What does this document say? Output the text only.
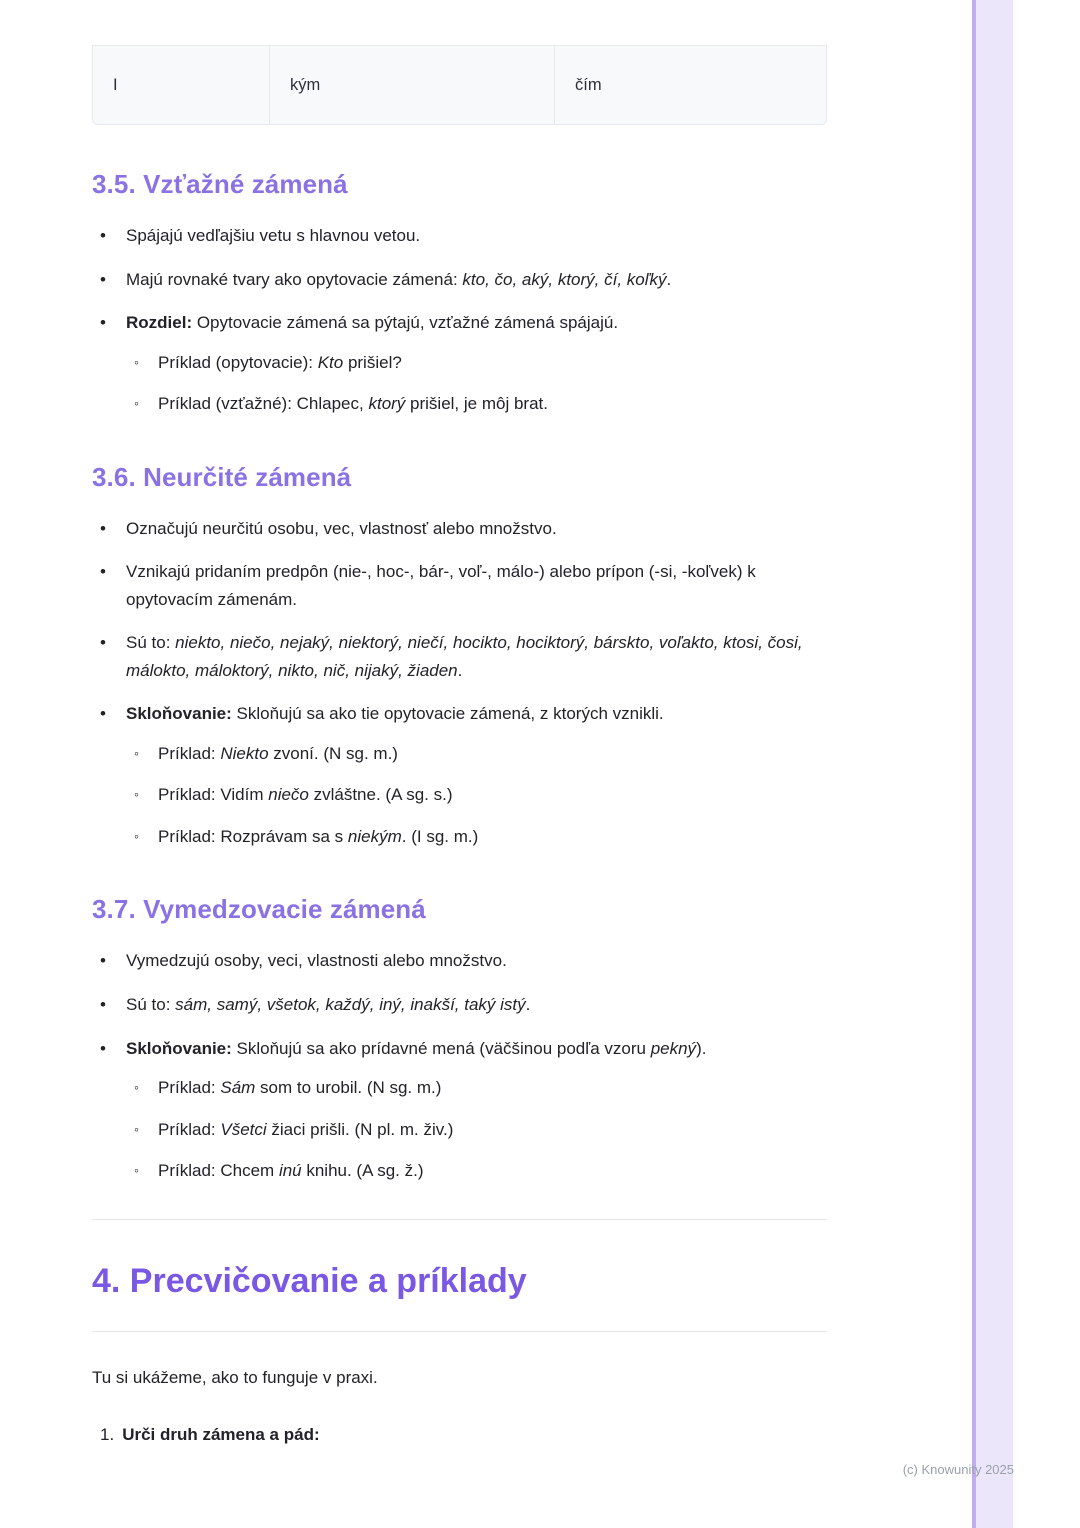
I	kým	čím
3.5. Vzťažné zámená
•	Spájajú vedľajšiu vetu s hlavnou vetou.
•	Majú rovnaké tvary ako opytovacie zámená: kto, čo, aký, ktorý, čí, koľký.
•	Rozdiel: Opytovacie zámená sa pýtajú, vzťažné zámená spájajú.
◦	Príklad (opytovacie): Kto prišiel?
◦	Príklad (vzťažné): Chlapec, ktorý prišiel, je môj brat.
3.6. Neurčité zámená
•	Označujú neurčitú osobu, vec, vlastnosť alebo množstvo.
•	Vznikajú pridaním predpôn (nie-, hoc-, bár-, voľ-, málo-) alebo prípon (-si, -koľvek) k opytovacím zámenám.
•	Sú to: niekto, niečo, nejaký, niektorý, niečí, hocikto, hociktorý, bárskto, voľakto, ktosi, čosi, málokto, máloktorý, nikto, nič, nijaký, žiaden.
•	Skloňovanie: Skloňujú sa ako tie opytovacie zámená, z ktorých vznikli.
◦	Príklad: Niekto zvoní. (N sg. m.)
◦	Príklad: Vidím niečo zvláštne. (A sg. s.)
◦	Príklad: Rozprávam sa s niekým. (I sg. m.)
3.7. Vymedzovacie zámená
•	Vymedzujú osoby, veci, vlastnosti alebo množstvo.
•	Sú to: sám, samý, všetok, každý, iný, inakší, taký istý.
•	Skloňovanie: Skloňujú sa ako prídavné mená (väčšinou podľa vzoru pekný).
◦	Príklad: Sám som to urobil. (N sg. m.)
◦	Príklad: Všetci žiaci prišli. (N pl. m. živ.)
◦	Príklad: Chcem inú knihu. (A sg. ž.)
4. Precvičovanie a príklady

Tu si ukážeme, ako to funguje v praxi.

1. Urči druh zámena a pád:
(c) Knowunity 2025
